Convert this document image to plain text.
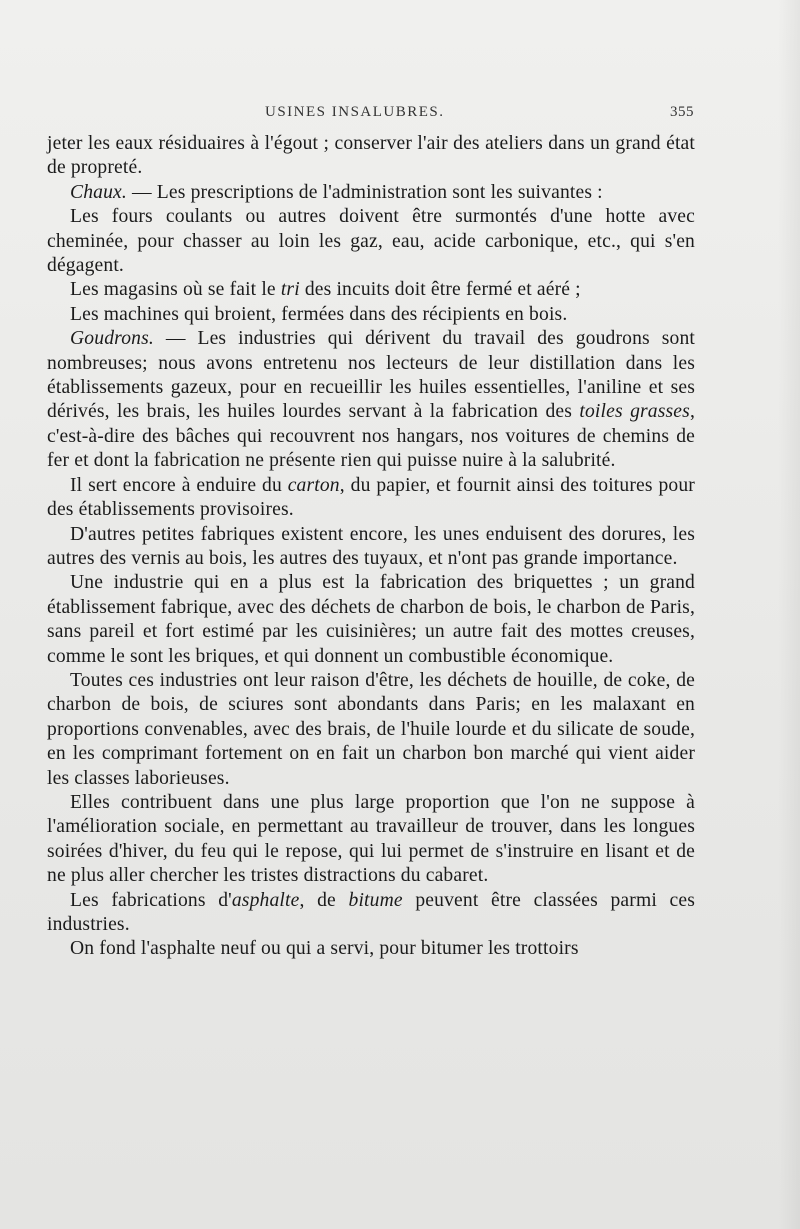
USINES INSALUBRES.	355

jeter les eaux résiduaires à l'égout ; conserver l'air des ateliers dans un grand état de propreté.

Chaux. — Les prescriptions de l'administration sont les suivantes :

Les fours coulants ou autres doivent être surmontés d'une hotte avec cheminée, pour chasser au loin les gaz, eau, acide carbonique, etc., qui s'en dégagent.

Les magasins où se fait le tri des incuits doit être fermé et aéré ;

Les machines qui broient, fermées dans des récipients en bois.

Goudrons. — Les industries qui dérivent du travail des goudrons sont nombreuses; nous avons entretenu nos lecteurs de leur distillation dans les établissements gazeux, pour en recueillir les huiles essentielles, l'aniline et ses dérivés, les brais, les huiles lourdes servant à la fabrication des toiles grasses, c'est-à-dire des bâches qui recouvrent nos hangars, nos voitures de chemins de fer et dont la fabrication ne présente rien qui puisse nuire à la salubrité.

Il sert encore à enduire du carton, du papier, et fournit ainsi des toitures pour des établissements provisoires.

D'autres petites fabriques existent encore, les unes enduisent des dorures, les autres des vernis au bois, les autres des tuyaux, et n'ont pas grande importance.

Une industrie qui en a plus est la fabrication des briquettes ; un grand établissement fabrique, avec des déchets de charbon de bois, le charbon de Paris, sans pareil et fort estimé par les cuisinières; un autre fait des mottes creuses, comme le sont les briques, et qui donnent un combustible économique.

Toutes ces industries ont leur raison d'être, les déchets de houille, de coke, de charbon de bois, de sciures sont abondants dans Paris; en les malaxant en proportions convenables, avec des brais, de l'huile lourde et du silicate de soude, en les comprimant fortement on en fait un charbon bon marché qui vient aider les classes laborieuses.

Elles contribuent dans une plus large proportion que l'on ne suppose à l'amélioration sociale, en permettant au travailleur de trouver, dans les longues soirées d'hiver, du feu qui le repose, qui lui permet de s'instruire en lisant et de ne plus aller chercher les tristes distractions du cabaret.

Les fabrications d'asphalte, de bitume peuvent être classées parmi ces industries.

On fond l'asphalte neuf ou qui a servi, pour bitumer les trottoirs
